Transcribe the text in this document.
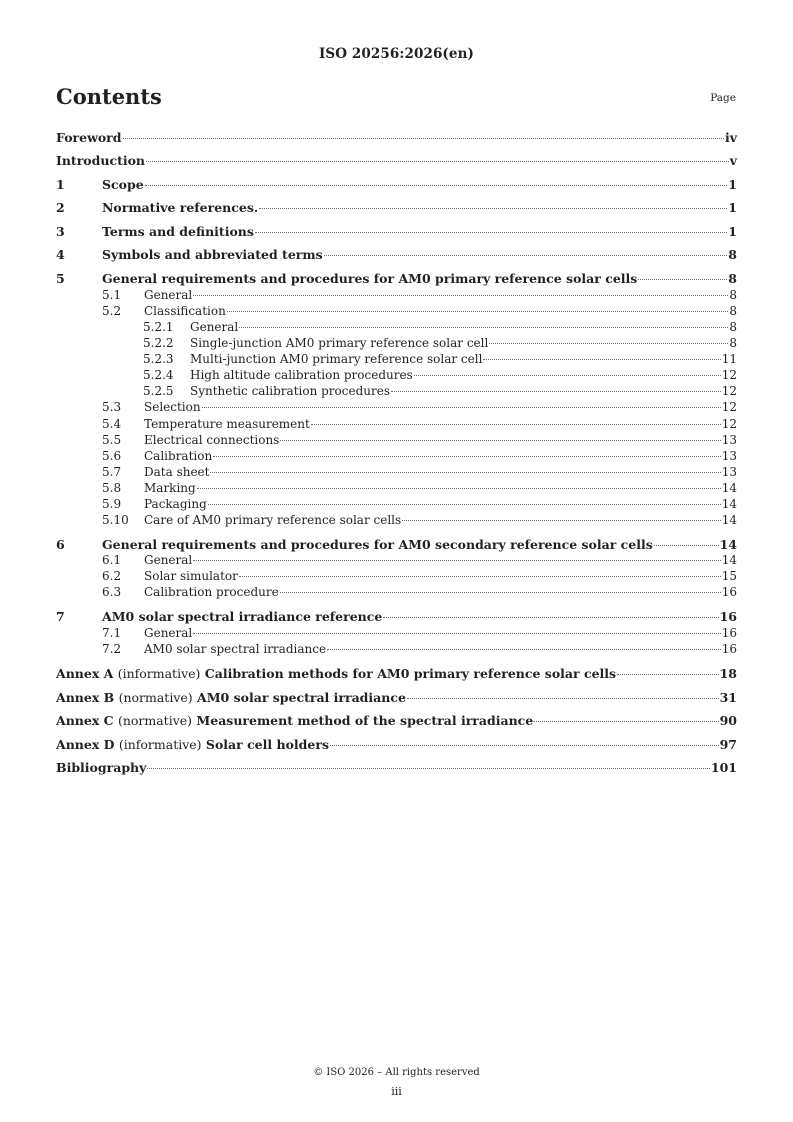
ISO 20256:2026(en)
Contents	Page
Foreword	iv
Introduction	v
1	Scope	1
2	Normative references.	1
3	Terms and definitions	1
4	Symbols and abbreviated terms	8
5	General requirements and procedures for AM0 primary reference solar cells	8
5.1	General	8
5.2	Classification	8
5.2.1	General	8
5.2.2	Single-junction AM0 primary reference solar cell	8
5.2.3	Multi-junction AM0 primary reference solar cell	11
5.2.4	High altitude calibration procedures	12
5.2.5	Synthetic calibration procedures	12
5.3	Selection	12
5.4	Temperature measurement	12
5.5	Electrical connections	13
5.6	Calibration	13
5.7	Data sheet	13
5.8	Marking	14
5.9	Packaging	14
5.10	Care of AM0 primary reference solar cells	14
6	General requirements and procedures for AM0 secondary reference solar cells	14
6.1	General	14
6.2	Solar simulator	15
6.3	Calibration procedure	16
7	AM0 solar spectral irradiance reference	16
7.1	General	16
7.2	AM0 solar spectral irradiance	16
Annex A (informative) Calibration methods for AM0 primary reference solar cells	18
Annex B (normative) AM0 solar spectral irradiance	31
Annex C (normative) Measurement method of the spectral irradiance	90
Annex D (informative) Solar cell holders	97
Bibliography	101
© ISO 2026 – All rights reserved
iii
